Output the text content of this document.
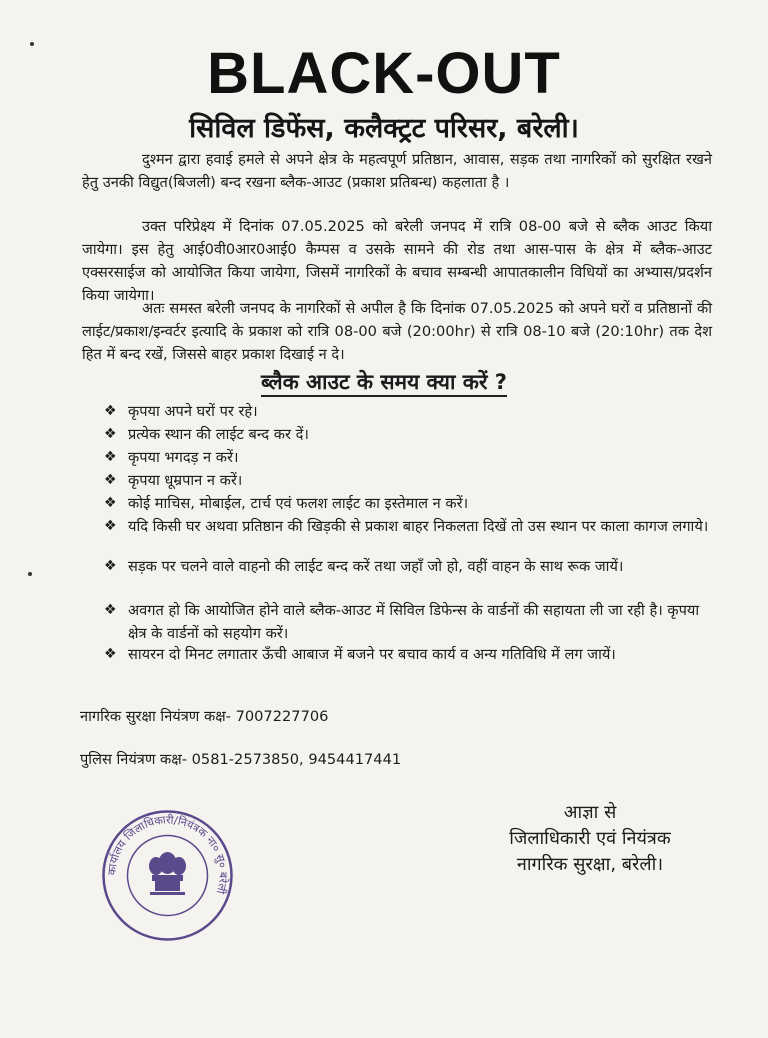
BLACK-OUT
सिविल डिफेंस, कलैक्ट्रट परिसर, बरेली।
दुश्मन द्वारा हवाई हमले से अपने क्षेत्र के महत्वपूर्ण प्रतिष्ठान, आवास, सड़क तथा नागरिकों को सुरक्षित रखने हेतु उनकी विद्युत(बिजली) बन्द रखना ब्लैक-आउट (प्रकाश प्रतिबन्ध) कहलाता है ।
उक्त परिप्रेक्ष्य में दिनांक 07.05.2025 को बरेली जनपद में रात्रि 08-00 बजे से ब्लैक आउट किया जायेगा। इस हेतु आई0वी0आर0आई0 कैम्पस व उसके सामने की रोड तथा आस-पास के क्षेत्र में ब्लैक-आउट एक्सरसाईज को आयोजित किया जायेगा, जिसमें नागरिकों के बचाव सम्बन्धी आपातकालीन विधियों का अभ्यास/प्रदर्शन किया जायेगा।
अतः समस्त बरेली जनपद के नागरिकों से अपील है कि दिनांक 07.05.2025 को अपने घरों व प्रतिष्ठानों की लाईट/प्रकाश/इन्वर्टर इत्यादि के प्रकाश को रात्रि 08-00 बजे (20:00hr) से रात्रि 08-10 बजे (20:10hr) तक देश हित में बन्द रखें, जिससे बाहर प्रकाश दिखाई न दे।
ब्लैक आउट के समय क्या करें ?
❖ कृपया अपने घरों पर रहे।
❖ प्रत्येक स्थान की लाईट बन्द कर दें।
❖ कृपया भगदड़ न करें।
❖ कृपया धूम्रपान न करें।
❖ कोई माचिस, मोबाईल, टार्च एवं फलश लाईट का इस्तेमाल न करें।
❖ यदि किसी घर अथवा प्रतिष्ठान की खिड़की से प्रकाश बाहर निकलता दिखें तो उस स्थान पर काला कागज लगाये।
❖ सड़क पर चलने वाले वाहनो की लाईट बन्द करें तथा जहाँ जो हो, वहीं वाहन के साथ रूक जायें।
❖ अवगत हो कि आयोजित होने वाले ब्लैक-आउट में सिविल डिफेन्स के वार्डनों की सहायता ली जा रही है। कृपया क्षेत्र के वार्डनों को सहयोग करें।
❖ सायरन दो मिनट लगातार ऊँची आबाज में बजने पर बचाव कार्य व अन्य गतिविधि में लग जायें।
नागरिक सुरक्षा नियंत्रण कक्ष- 7007227706
पुलिस नियंत्रण कक्ष- 0581-2573850, 9454417441
कार्यालय जिलाधिकारी/नियंत्रक ना० सु० बरेली
आज्ञा से
जिलाधिकारी एवं नियंत्रक
नागरिक सुरक्षा, बरेली।
